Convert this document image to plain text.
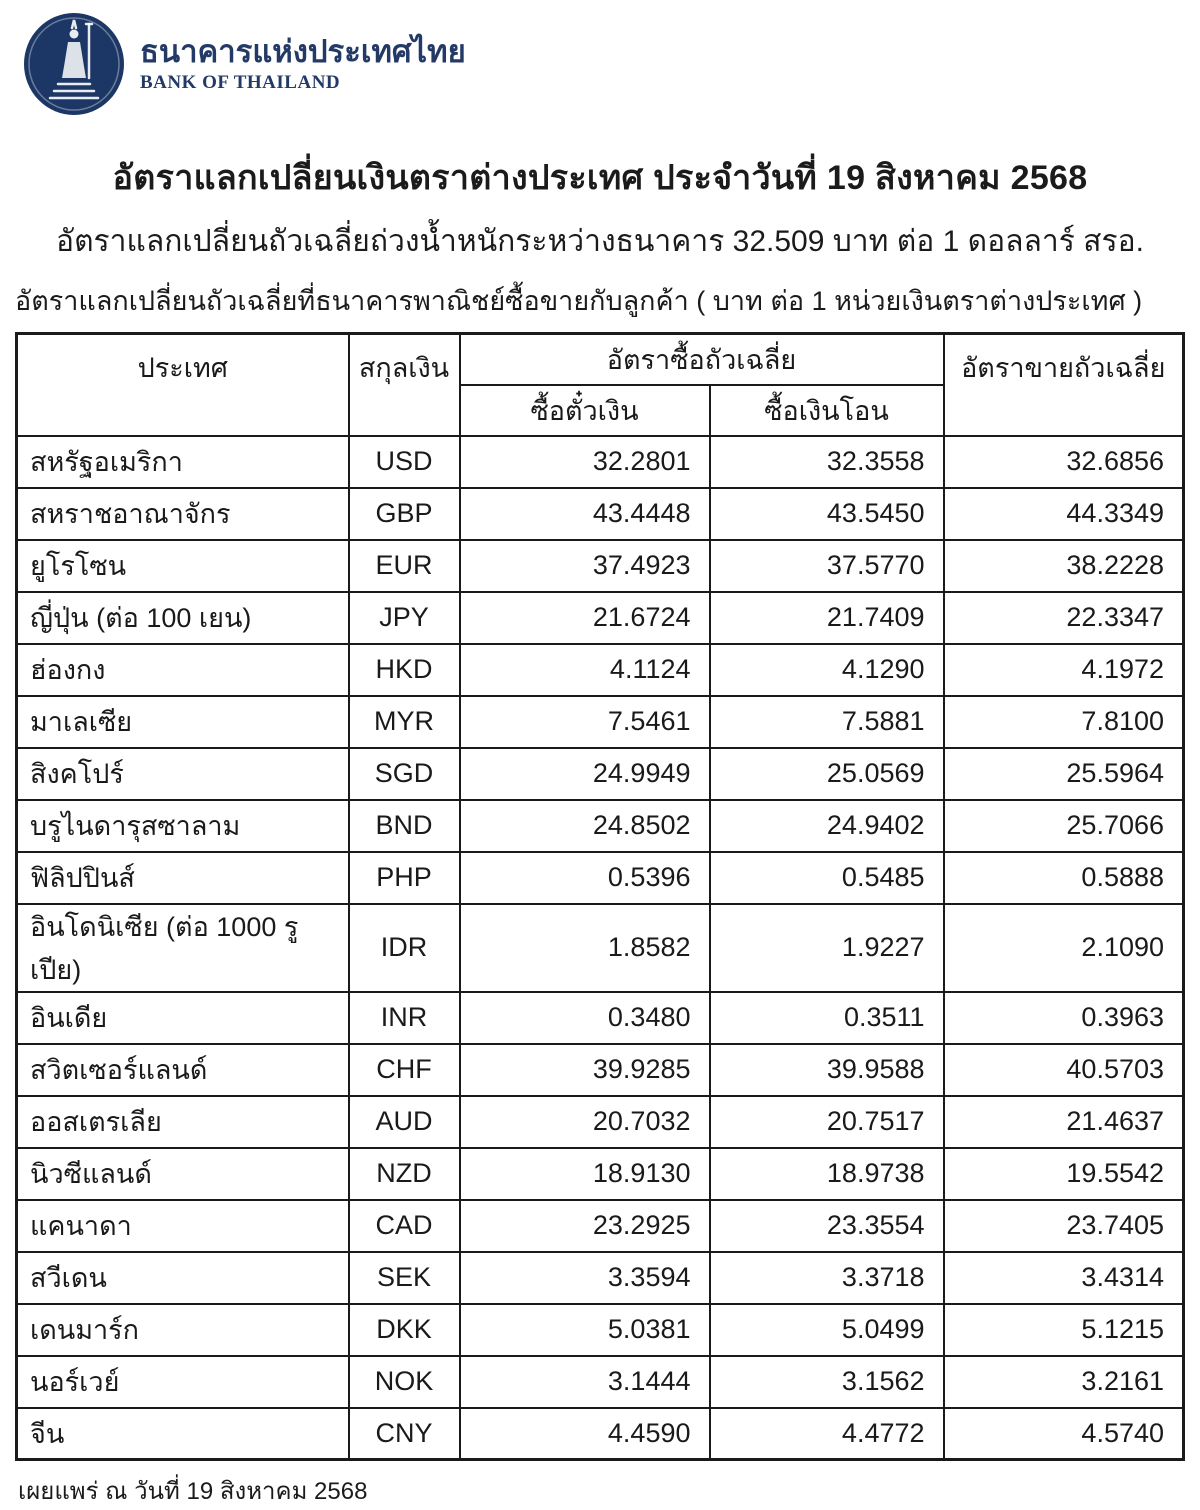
ธนาคารแห่งประเทศไทย
BANK OF THAILAND
อัตราแลกเปลี่ยนเงินตราต่างประเทศ ประจำวันที่ 19 สิงหาคม 2568
อัตราแลกเปลี่ยนถัวเฉลี่ยถ่วงน้ำหนักระหว่างธนาคาร 32.509 บาท ต่อ 1 ดอลลาร์ สรอ.
อัตราแลกเปลี่ยนถัวเฉลี่ยที่ธนาคารพาณิชย์ซื้อขายกับลูกค้า ( บาท ต่อ 1 หน่วยเงินตราต่างประเทศ )
ประเทศ	สกุลเงิน	อัตราซื้อถัวเฉลี่ย		อัตราขายถัวเฉลี่ย
		ซื้อตั๋วเงิน	ซื้อเงินโอน	
สหรัฐอเมริกา	USD	32.2801	32.3558	32.6856
สหราชอาณาจักร	GBP	43.4448	43.5450	44.3349
ยูโรโซน	EUR	37.4923	37.5770	38.2228
ญี่ปุ่น (ต่อ 100 เยน)	JPY	21.6724	21.7409	22.3347
ฮ่องกง	HKD	4.1124	4.1290	4.1972
มาเลเซีย	MYR	7.5461	7.5881	7.8100
สิงคโปร์	SGD	24.9949	25.0569	25.5964
บรูไนดารุสซาลาม	BND	24.8502	24.9402	25.7066
ฟิลิปปินส์	PHP	0.5396	0.5485	0.5888
อินโดนิเซีย (ต่อ 1000 รูเปีย)	IDR	1.8582	1.9227	2.1090
อินเดีย	INR	0.3480	0.3511	0.3963
สวิตเซอร์แลนด์	CHF	39.9285	39.9588	40.5703
ออสเตรเลีย	AUD	20.7032	20.7517	21.4637
นิวซีแลนด์	NZD	18.9130	18.9738	19.5542
แคนาดา	CAD	23.2925	23.3554	23.7405
สวีเดน	SEK	3.3594	3.3718	3.4314
เดนมาร์ก	DKK	5.0381	5.0499	5.1215
นอร์เวย์	NOK	3.1444	3.1562	3.2161
จีน	CNY	4.4590	4.4772	4.5740
เผยแพร่ ณ วันที่ 19 สิงหาคม 2568
